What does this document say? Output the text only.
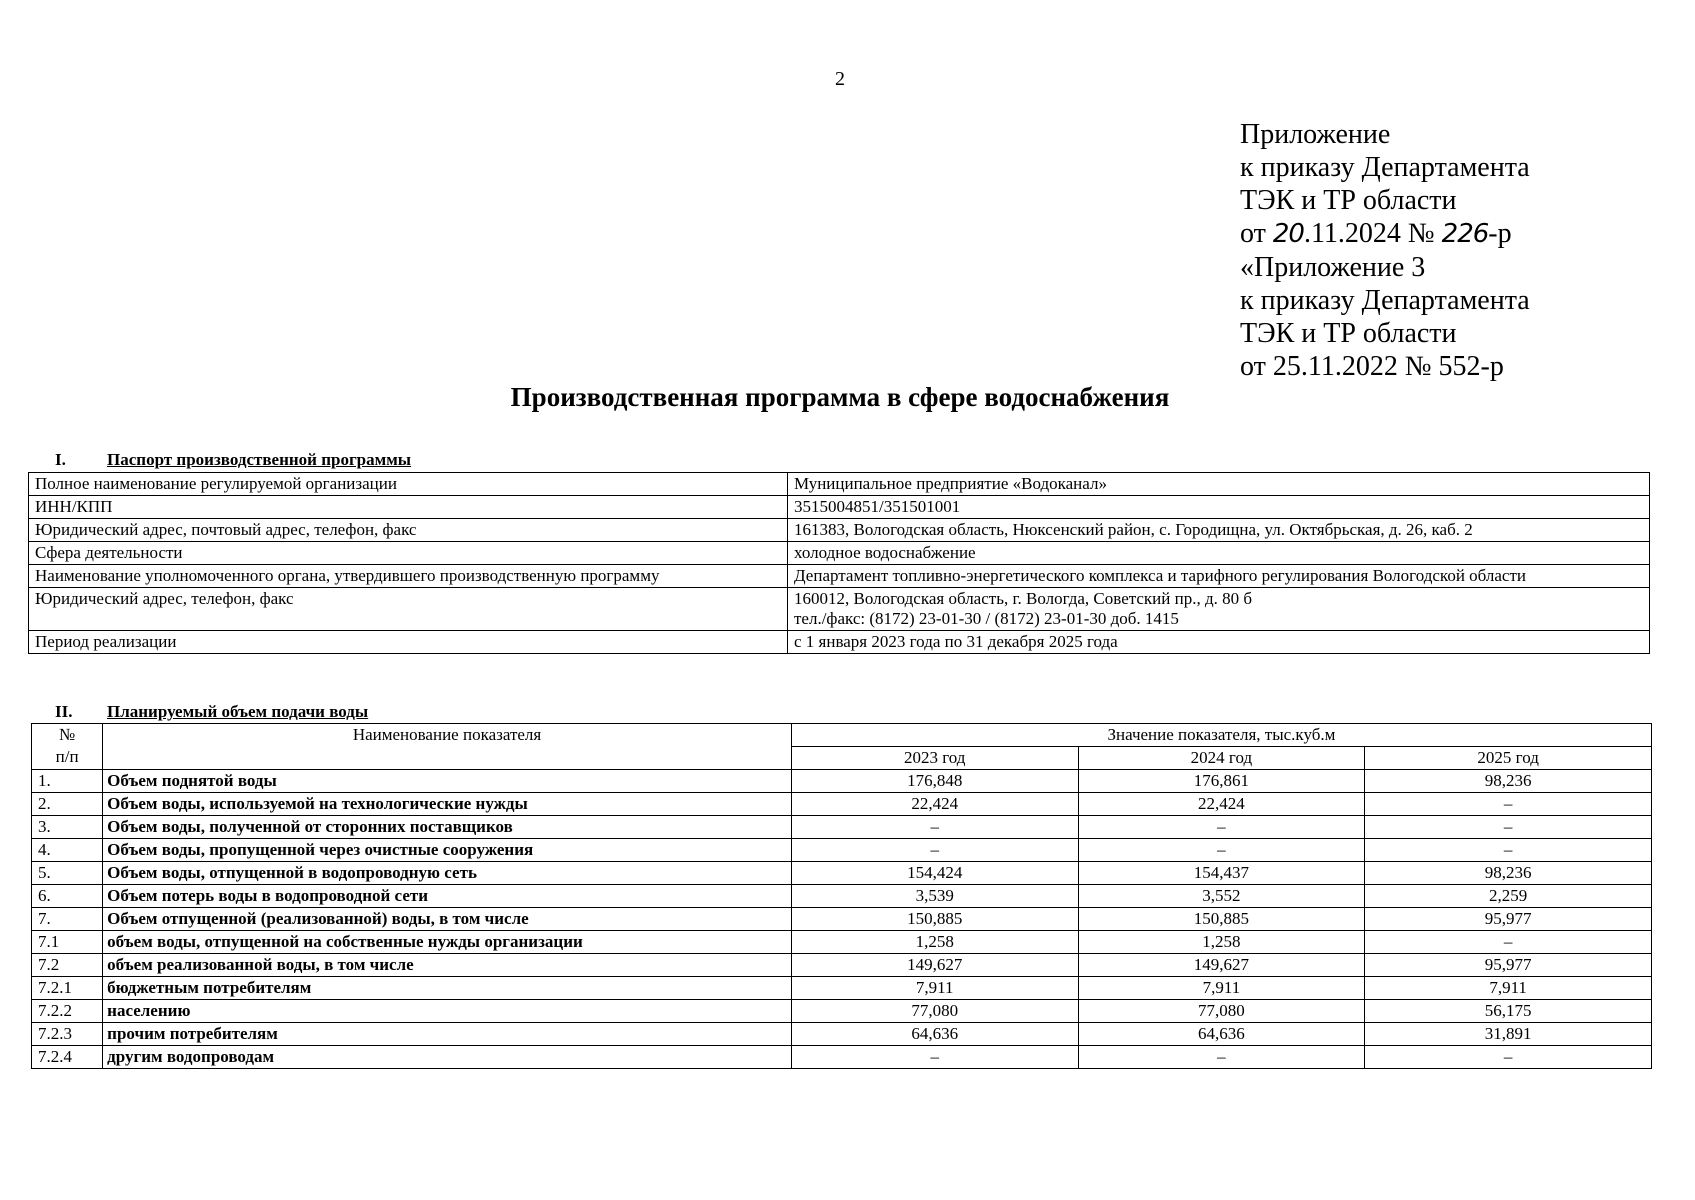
2
Приложение
к приказу Департамента
ТЭК и ТР области
от 20.11.2024 № 226-р
«Приложение 3
к приказу Департамента
ТЭК и ТР области
от 25.11.2022 № 552-р
Производственная программа в сфере водоснабжения
I. Паспорт производственной программы
Полное наименование регулируемой организации	Муниципальное предприятие «Водоканал»

ИНН/КПП	3515004851/351501001

Юридический адрес, почтовый адрес, телефон, факс	161383, Вологодская область, Нюксенский район, с. Городищна, ул. Октябрьская, д. 26, каб. 2

Сфера деятельности	холодное водоснабжение

Наименование уполномоченного органа, утвердившего производственную программу	Департамент топливно-энергетического комплекса и тарифного регулирования Вологодской области

Юридический адрес, телефон, факс	160012, Вологодская область, г. Вологда, Советский пр., д. 80 б
тел./факс: (8172) 23-01-30 / (8172) 23-01-30 доб. 1415

Период реализации	с 1 января 2023 года по 31 декабря 2025 года
II. Планируемый объем подачи воды
№
п/п	Наименование показателя	Значение показателя, тыс.куб.м		
		2023 год	2024 год	2025 год
1.	Объем поднятой воды	176,848	176,861	98,236
2.	Объем воды, используемой на технологические нужды	22,424	22,424	–
3.	Объем воды, полученной от сторонних поставщиков	–	–	–
4.	Объем воды, пропущенной через очистные сооружения	–	–	–
5.	Объем воды, отпущенной в водопроводную сеть	154,424	154,437	98,236
6.	Объем потерь воды в водопроводной сети	3,539	3,552	2,259
7.	Объем отпущенной (реализованной) воды, в том числе	150,885	150,885	95,977
7.1	объем воды, отпущенной на собственные нужды организации	1,258	1,258	–
7.2	объем реализованной воды, в том числе	149,627	149,627	95,977
7.2.1	бюджетным потребителям	7,911	7,911	7,911
7.2.2	населению	77,080	77,080	56,175
7.2.3	прочим потребителям	64,636	64,636	31,891
7.2.4	другим водопроводам	–	–	–
